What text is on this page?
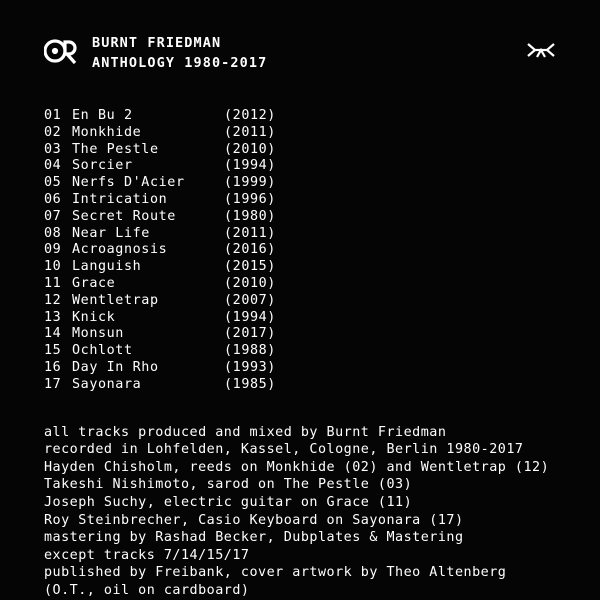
BURNT FRIEDMAN
ANTHOLOGY 1980-2017
01 En Bu 2	(2012)
02 Monkhide	(2011)
03 The Pestle	(2010)
04 Sorcier	(1994)
05 Nerfs D'Acier	(1999)
06 Intrication	(1996)
07 Secret Route	(1980)
08 Near Life	(2011)
09 Acroagnosis	(2016)
10 Languish	(2015)
11 Grace	(2010)
12 Wentletrap	(2007)
13 Knick	(1994)
14 Monsun	(2017)
15 Ochlott	(1988)
16 Day In Rho	(1993)
17 Sayonara	(1985)
all tracks produced and mixed by Burnt Friedman
recorded in Lohfelden, Kassel, Cologne, Berlin 1980-2017
Hayden Chisholm, reeds on Monkhide (02) and Wentletrap (12)
Takeshi Nishimoto, sarod on The Pestle (03)
Joseph Suchy, electric guitar on Grace (11)
Roy Steinbrecher, Casio Keyboard on Sayonara (17)
mastering by Rashad Becker, Dubplates & Mastering
except tracks 7/14/15/17
published by Freibank, cover artwork by Theo Altenberg
(O.T., oil on cardboard)
